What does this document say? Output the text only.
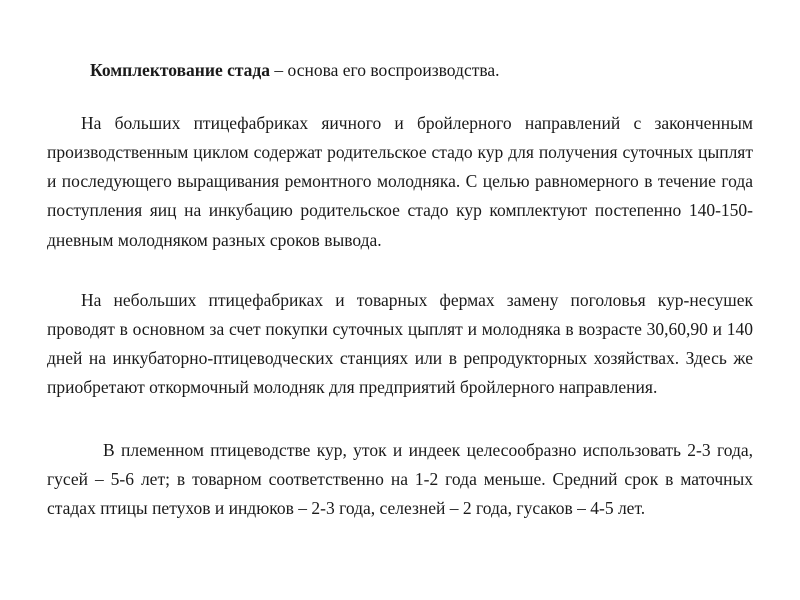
Комплектование стада – основа его воспроизводства.

На больших птицефабриках яичного и бройлерного направлений с законченным производственным циклом содержат родительское стадо кур для получения суточных цыплят и последующего выращивания ремонтного молодняка. С целью равномерного в течение года поступления яиц на инкубацию родительское стадо кур комплектуют постепенно 140-150-дневным молодняком разных сроков вывода.

На небольших птицефабриках и товарных фермах замену поголовья кур-несушек проводят в основном за счет покупки суточных цыплят и молодняка в возрасте 30,60,90 и 140 дней на инкубаторно-птицеводческих станциях или в репродукторных хозяйствах. Здесь же приобретают откормочный молодняк для предприятий бройлерного направления.

В племенном птицеводстве кур, уток и индеек целесообразно использовать 2-3 года, гусей – 5-6 лет; в товарном соответственно на 1-2 года меньше. Средний срок в маточных стадах птицы петухов и индюков – 2-3 года, селезней – 2 года, гусаков – 4-5 лет.
